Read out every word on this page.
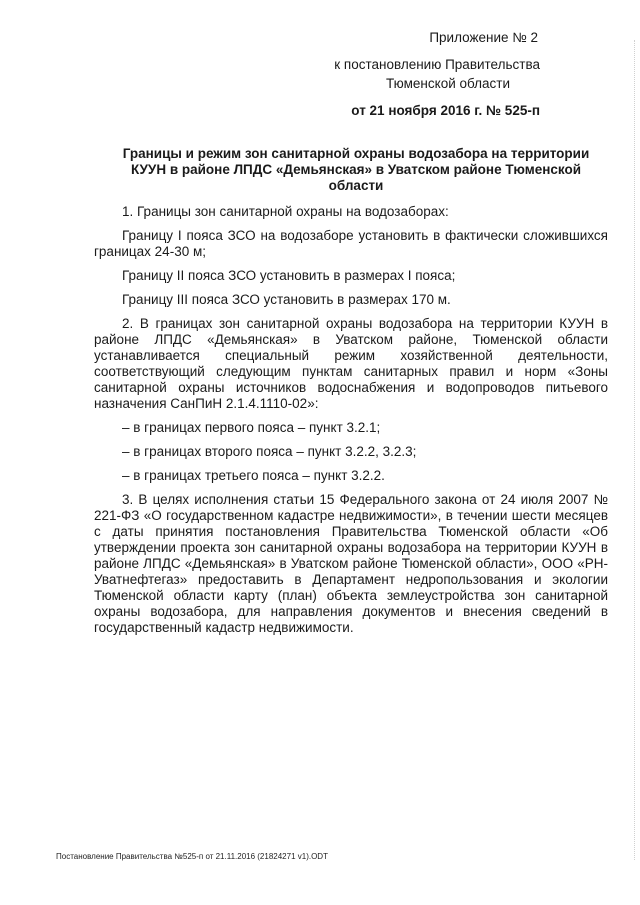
Приложение № 2
к постановлению Правительства
Тюменской области
от 21 ноября 2016 г. № 525-п
Границы и режим зон санитарной охраны водозабора на территории КУУН в районе ЛПДС «Демьянская» в Уватском районе Тюменской области

1. Границы зон санитарной охраны на водозаборах:

Границу I пояса ЗСО на водозаборе установить в фактически сложившихся границах 24-30 м;

Границу II пояса ЗСО установить в размерах I пояса;

Границу III пояса ЗСО установить в размерах 170 м.

2. В границах зон санитарной охраны водозабора на территории КУУН в районе ЛПДС «Демьянская» в Уватском районе, Тюменской области устанавливается специальный режим хозяйственной деятельности, соответствующий следующим пунктам санитарных правил и норм «Зоны санитарной охраны источников водоснабжения и водопроводов питьевого назначения СанПиН 2.1.4.1110-02»:

– в границах первого пояса – пункт 3.2.1;

– в границах второго пояса – пункт 3.2.2, 3.2.3;

– в границах третьего пояса – пункт 3.2.2.

3. В целях исполнения статьи 15 Федерального закона от 24 июля 2007 № 221-ФЗ «О государственном кадастре недвижимости», в течении шести месяцев с даты принятия постановления Правительства Тюменской области «Об утверждении проекта зон санитарной охраны водозабора на территории КУУН в районе ЛПДС «Демьянская» в Уватском районе Тюменской области», ООО «РН-Уватнефтегаз» предоставить в Департамент недропользования и экологии Тюменской области карту (план) объекта землеустройства зон санитарной охраны водозабора, для направления документов и внесения сведений в государственный кадастр недвижимости.

Постановление Правительства №525-п от 21.11.2016 (21824271 v1).ODT
